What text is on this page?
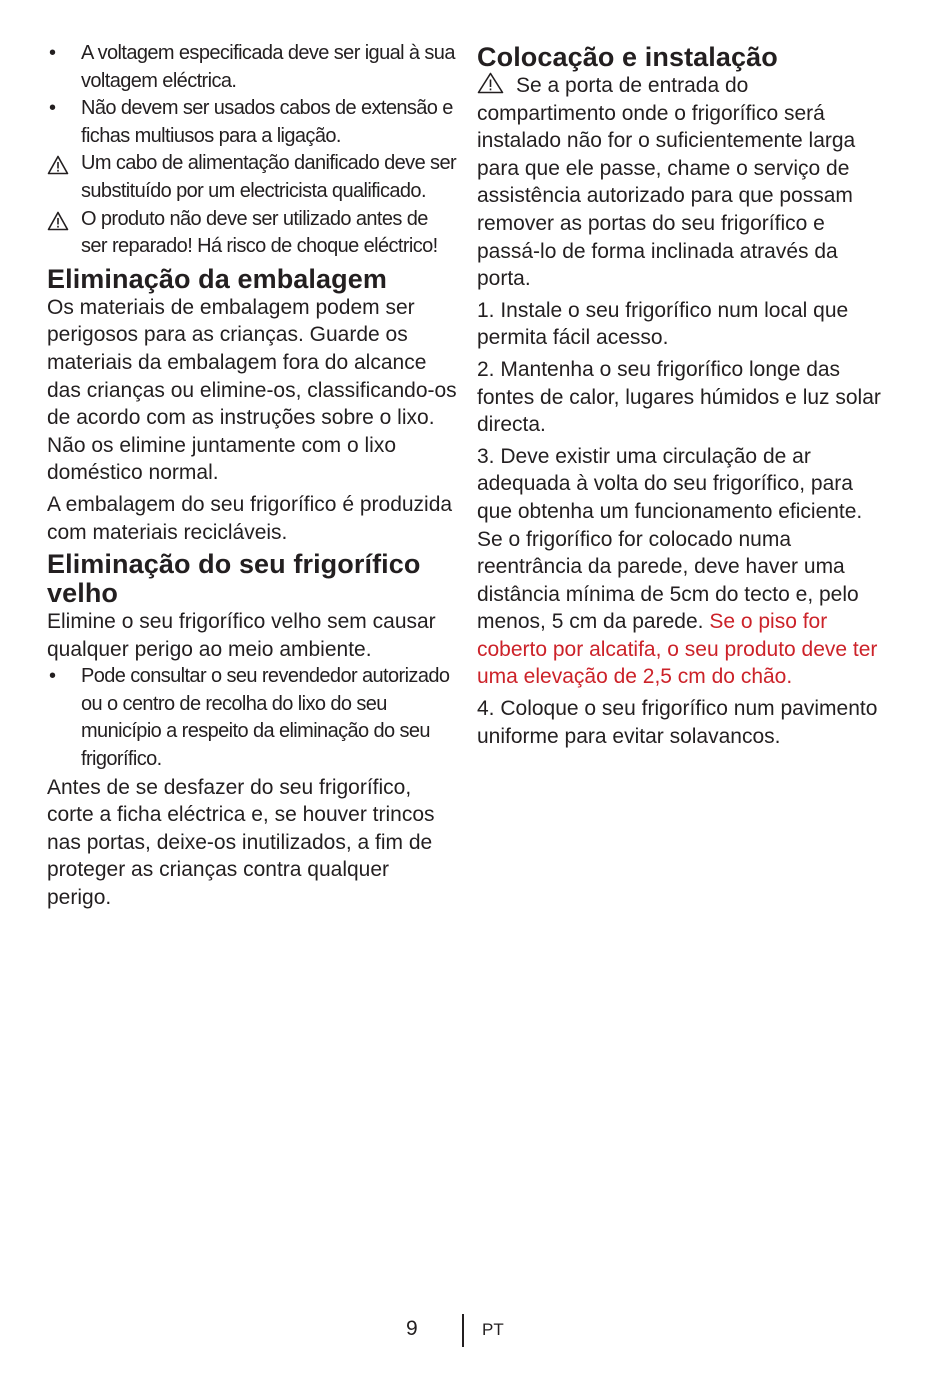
• A voltagem especificada deve ser igual à sua voltagem eléctrica.
• Não devem ser usados cabos de extensão e fichas multiusos para a ligação.
Um cabo de alimentação danificado deve ser substituído por um electricista qualificado.
O produto não deve ser utilizado antes de ser reparado! Há risco de choque eléctrico!
Eliminação da embalagem

Os materiais de embalagem podem ser perigosos para as crianças. Guarde os materiais da embalagem fora do alcance das crianças ou elimine-os, classificando-os de acordo com as instruções sobre o lixo. Não os elimine juntamente com o lixo doméstico normal.

A embalagem do seu frigorífico é produzida com materiais recicláveis.

Eliminação do seu frigorífico velho

Elimine o seu frigorífico velho sem causar qualquer perigo ao meio ambiente.

• Pode consultar o seu revendedor autorizado ou o centro de recolha do lixo do seu município a respeito da eliminação do seu frigorífico.

Antes de se desfazer do seu frigorífico, corte a ficha eléctrica e, se houver trincos nas portas, deixe-os inutilizados, a fim de proteger as crianças contra qualquer perigo.

Colocação e instalação

Se a porta de entrada do compartimento onde o frigorífico será instalado não for o suficientemente larga para que ele passe, chame o serviço de assistência autorizado para que possam remover as portas do seu frigorífico e passá-lo de forma inclinada através da porta.

1. Instale o seu frigorífico num local que permita fácil acesso.

2. Mantenha o seu frigorífico longe das fontes de calor, lugares húmidos e luz solar directa.

3. Deve existir uma circulação de ar adequada à volta do seu frigorífico, para que obtenha um funcionamento eficiente. Se o frigorífico for colocado numa reentrância da parede, deve haver uma distância mínima de 5cm do tecto e, pelo menos, 5 cm da parede. Se o piso for coberto por alcatifa, o seu produto deve ter uma elevação de 2,5 cm do chão.

4. Coloque o seu frigorífico num pavimento uniforme para evitar solavancos.

9	PT
